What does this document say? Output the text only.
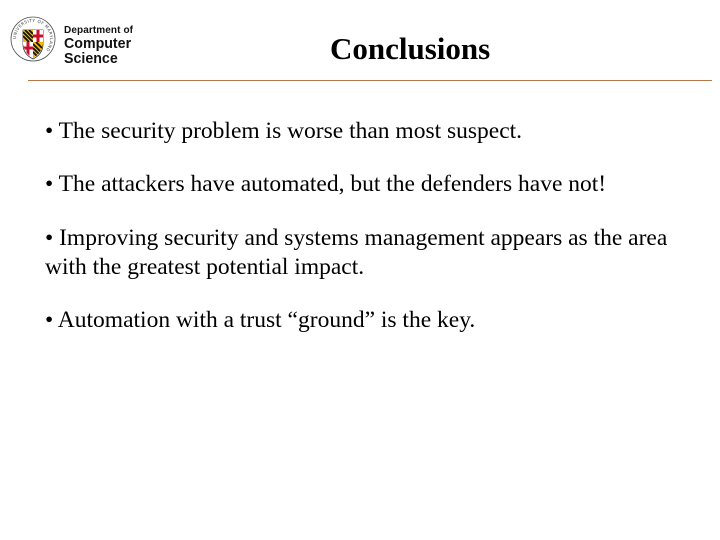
UNIVERSITY OF MARYLAND
Department of
Computer Science	Conclusions
• The security problem is worse than most suspect.
• The attackers have automated, but the defenders have not!
• Improving security and systems management appears as the area with the greatest potential impact.
• Automation with a trust “ground” is the key.
